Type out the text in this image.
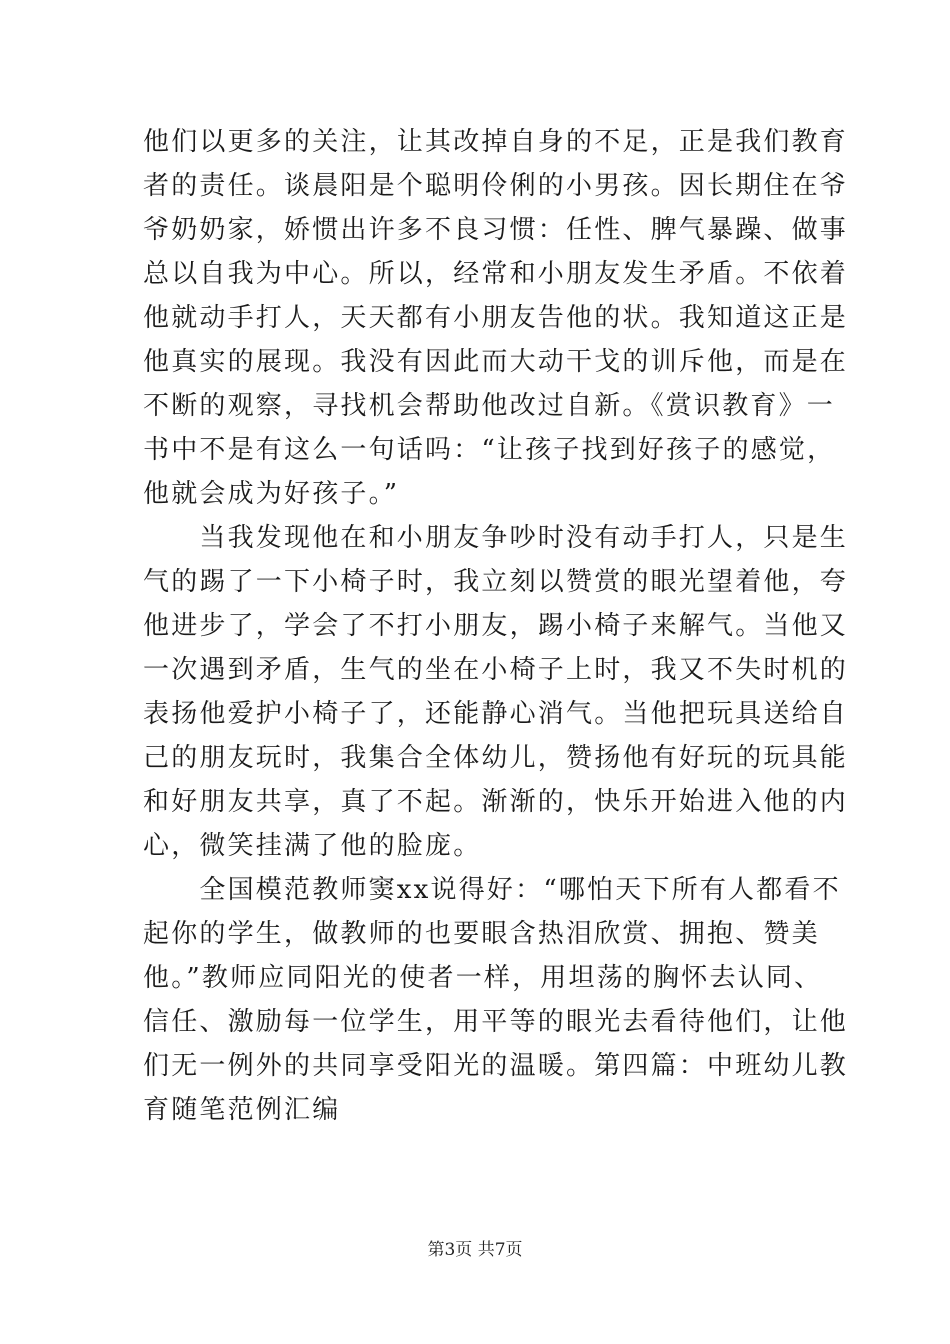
他们以更多的关注，让其改掉自身的不足，正是我们教育
者的责任。谈晨阳是个聪明伶俐的小男孩。因长期住在爷
爷奶奶家，娇惯出许多不良习惯：任性、脾气暴躁、做事
总以自我为中心。所以，经常和小朋友发生矛盾。不依着
他就动手打人，天天都有小朋友告他的状。我知道这正是
他真实的展现。我没有因此而大动干戈的训斥他，而是在
不断的观察，寻找机会帮助他改过自新。《赏识教育》一
书中不是有这么一句话吗：“让孩子找到好孩子的感觉，
他就会成为好孩子。”
　　当我发现他在和小朋友争吵时没有动手打人，只是生
气的踢了一下小椅子时，我立刻以赞赏的眼光望着他，夸
他进步了，学会了不打小朋友，踢小椅子来解气。当他又
一次遇到矛盾，生气的坐在小椅子上时，我又不失时机的
表扬他爱护小椅子了，还能静心消气。当他把玩具送给自
己的朋友玩时，我集合全体幼儿，赞扬他有好玩的玩具能
和好朋友共享，真了不起。渐渐的，快乐开始进入他的内
心，微笑挂满了他的脸庞。
　　全国模范教师窦xx说得好：“哪怕天下所有人都看不
起你的学生，做教师的也要眼含热泪欣赏、拥抱、赞美
他。”教师应同阳光的使者一样，用坦荡的胸怀去认同、
信任、激励每一位学生，用平等的眼光去看待他们，让他
们无一例外的共同享受阳光的温暖。第四篇：中班幼儿教
育随笔范例汇编
第3页 共7页
